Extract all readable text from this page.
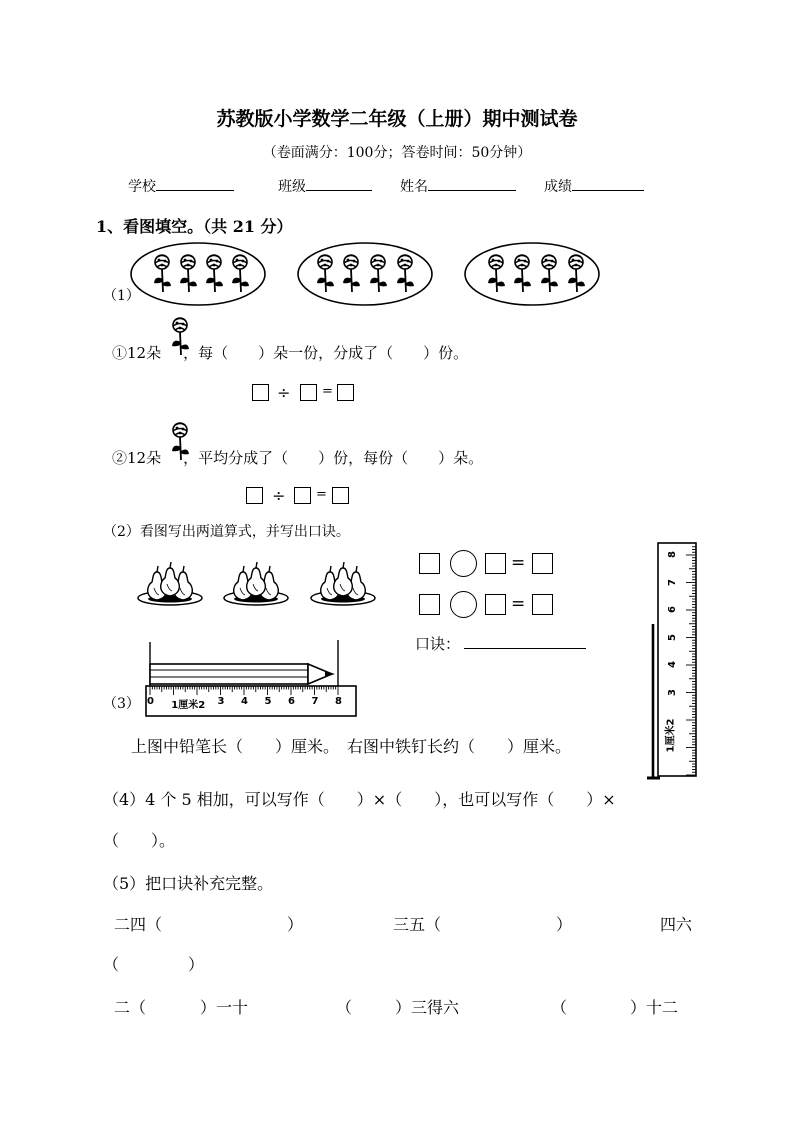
苏教版小学数学二年级（上册）期中测试卷
（卷面满分：100分；答卷时间：50分钟）
学校	班级	姓名	成绩
1、看图填空。（共 21 分）
（1）
①12朵 ，每（　　）朵一份，分成了（　　）份。
÷ =
②12朵 ，平均分成了（　　）份，每份（　　）朵。
÷ =
（2）看图写出两道算式，并写出口诀。
=
=
口诀：
（3） 0 1厘米2 3 4 5 6 7 8
8
7
6
5
4
3
1厘米2
上图中铅笔长（　　）厘米。　右图中铁钉长约（　　）厘米。
（4）4 个 5 相加，可以写作（　　）×（　　），也可以写作（　　）×
（　　）。
（5）把口诀补充完整。
二四（	）	三五（	）	四六
（	）
二（	）一十	（	）三得六	（	）十二
